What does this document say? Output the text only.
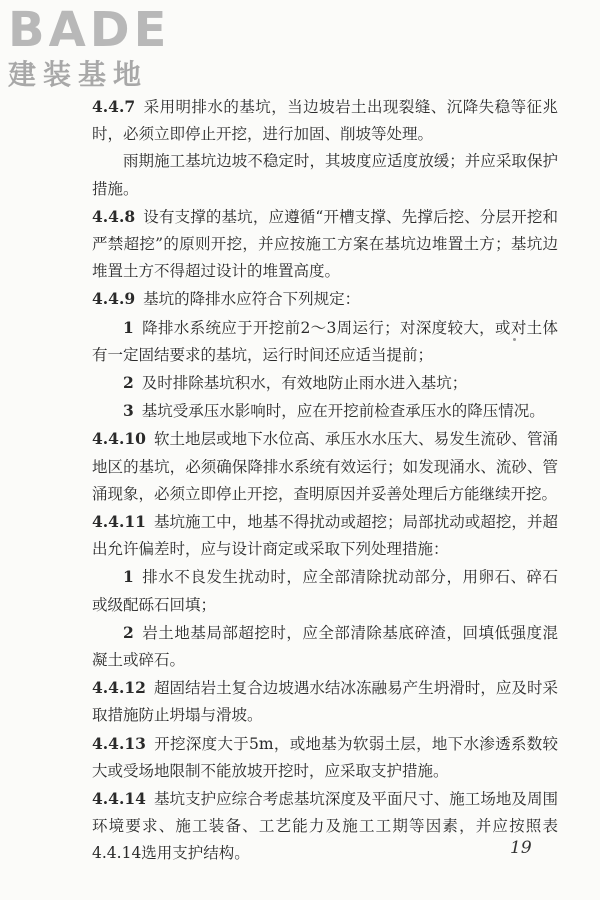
BADE
建装基地

4.4.7 采用明排水的基坑，当边坡岩土出现裂缝、沉降失稳等征兆时，必须立即停止开挖，进行加固、削坡等处理。

雨期施工基坑边坡不稳定时，其坡度应适度放缓；并应采取保护措施。

4.4.8 设有支撑的基坑，应遵循“开槽支撑、先撑后挖、分层开挖和严禁超挖”的原则开挖，并应按施工方案在基坑边堆置土方；基坑边堆置土方不得超过设计的堆置高度。

4.4.9 基坑的降排水应符合下列规定：

1 降排水系统应于开挖前2～3周运行；对深度较大，或对土体有一定固结要求的基坑，运行时间还应适当提前；

2 及时排除基坑积水，有效地防止雨水进入基坑；

3 基坑受承压水影响时，应在开挖前检查承压水的降压情况。

4.4.10 软土地层或地下水位高、承压水水压大、易发生流砂、管涌地区的基坑，必须确保降排水系统有效运行；如发现涌水、流砂、管涌现象，必须立即停止开挖，查明原因并妥善处理后方能继续开挖。

4.4.11 基坑施工中，地基不得扰动或超挖；局部扰动或超挖，并超出允许偏差时，应与设计商定或采取下列处理措施：

1 排水不良发生扰动时，应全部清除扰动部分，用卵石、碎石或级配砾石回填；

2 岩土地基局部超挖时，应全部清除基底碎渣，回填低强度混凝土或碎石。

4.4.12 超固结岩土复合边坡遇水结冰冻融易产生坍滑时，应及时采取措施防止坍塌与滑坡。

4.4.13 开挖深度大于5m，或地基为软弱土层，地下水渗透系数较大或受场地限制不能放坡开挖时，应采取支护措施。

4.4.14 基坑支护应综合考虑基坑深度及平面尺寸、施工场地及周围环境要求、施工装备、工艺能力及施工工期等因素，并应按照表4.4.14选用支护结构。	19
